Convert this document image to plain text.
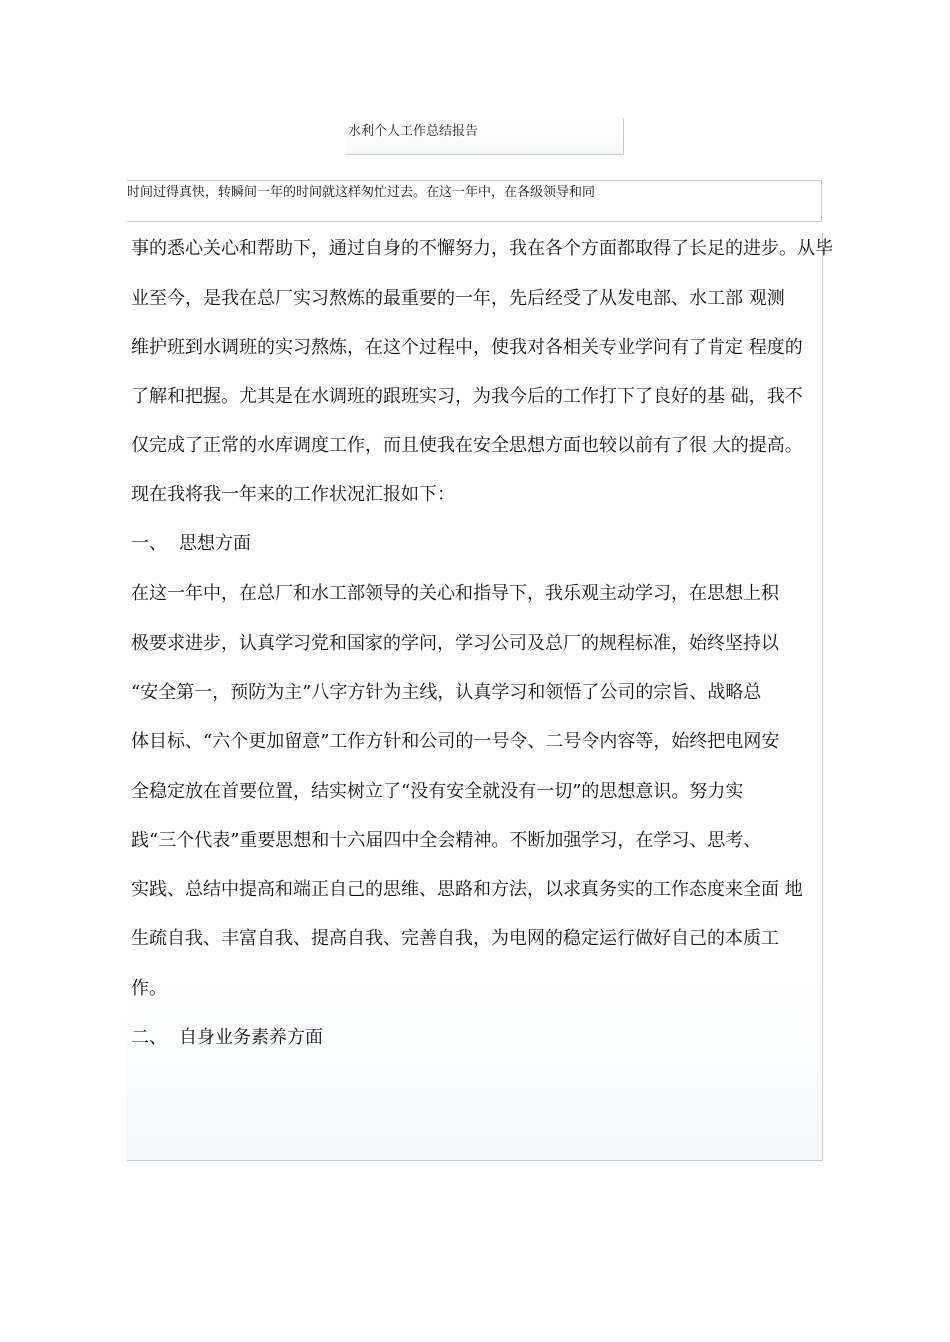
水利个人工作总结报告
时间过得真快，转瞬间一年的时间就这样匆忙过去。在这一年中，在各级领导和同
事的悉心关心和帮助下，通过自身的不懈努力，我在各个方面都取得了长足的进步。从毕
业至今，是我在总厂实习熬炼的最重要的一年，先后经受了从发电部、水工部 观测
维护班到水调班的实习熬炼，在这个过程中，使我对各相关专业学问有了肯定 程度的
了解和把握。尤其是在水调班的跟班实习，为我今后的工作打下了良好的基 础，我不
仅完成了正常的水库调度工作，而且使我在安全思想方面也较以前有了很 大的提高。
现在我将我一年来的工作状况汇报如下：
一、 思想方面
在这一年中，在总厂和水工部领导的关心和指导下，我乐观主动学习，在思想上积
极要求进步，认真学习党和国家的学问，学习公司及总厂的规程标准，始终坚持以
“安全第一，预防为主”八字方针为主线，认真学习和领悟了公司的宗旨、战略总
体目标、“六个更加留意”工作方针和公司的一号令、二号令内容等，始终把电网安
全稳定放在首要位置，结实树立了“没有安全就没有一切”的思想意识。努力实
践“三个代表”重要思想和十六届四中全会精神。不断加强学习，在学习、思考、
实践、总结中提高和端正自己的思维、思路和方法，以求真务实的工作态度来全面 地
生疏自我、丰富自我、提高自我、完善自我，为电网的稳定运行做好自己的本质工
作。
二、 自身业务素养方面
